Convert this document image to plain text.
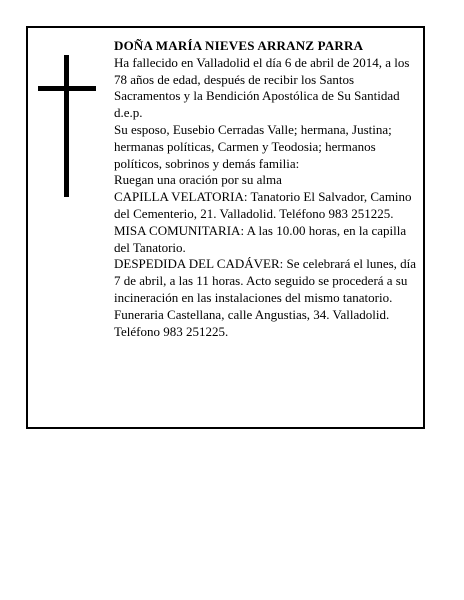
DOÑA MARÍA NIEVES ARRANZ PARRA

Ha fallecido en Valladolid el día 6 de abril de 2014, a los 78 años de edad, después de recibir los Santos Sacramentos y la Bendición Apostólica de Su Santidad

d.e.p.

Su esposo, Eusebio Cerradas Valle; hermana, Justina; hermanas políticas, Carmen y Teodosia; hermanos políticos, sobrinos y demás familia:

Ruegan una oración por su alma

CAPILLA VELATORIA: Tanatorio El Salvador, Camino del Cementerio, 21. Valladolid. Teléfono 983 251225.

MISA COMUNITARIA: A las 10.00 horas, en la capilla del Tanatorio.

DESPEDIDA DEL CADÁVER: Se celebrará el lunes, día 7 de abril, a las 11 horas. Acto seguido se procederá a su incineración en las instalaciones del mismo tanatorio.

Funeraria Castellana, calle Angustias, 34. Valladolid. Teléfono 983 251225.
